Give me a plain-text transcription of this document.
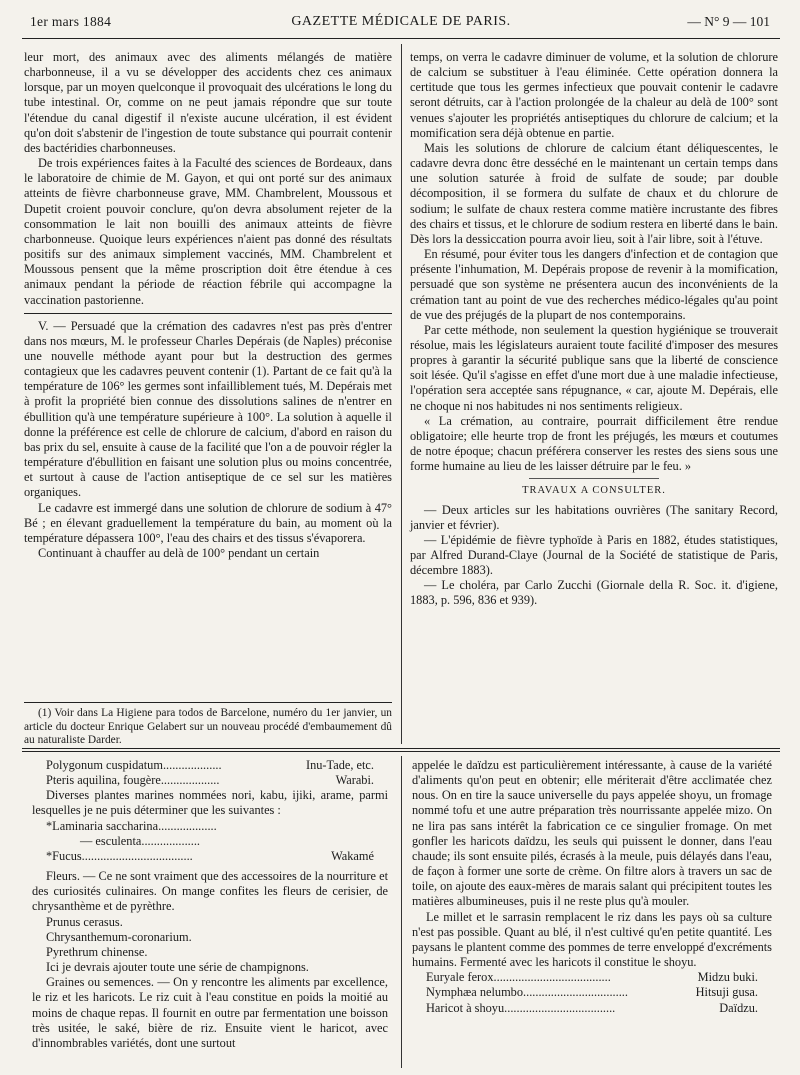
1er mars 1884	GAZETTE MÉDICALE DE PARIS.	— N° 9 — 101

leur mort, des animaux avec des aliments mélangés de matière charbonneuse, il a vu se développer des accidents chez ces animaux lorsque, par un moyen quelconque il provoquait des ulcérations le long du tube intestinal. Or, comme on ne peut jamais répondre que sur toute l'étendue du canal digestif il n'existe aucune ulcération, il est évident qu'on doit s'abstenir de l'ingestion de toute substance qui pourrait contenir des bactéridies charbonneuses.

De trois expériences faites à la Faculté des sciences de Bordeaux, dans le laboratoire de chimie de M. Gayon, et qui ont porté sur des animaux atteints de fièvre charbonneuse grave, MM. Chambrelent, Moussous et Dupetit croient pouvoir conclure, qu'on devra absolument rejeter de la consommation le lait non bouilli des animaux atteints de fièvre charbonneuse. Quoique leurs expériences n'aient pas donné des résultats positifs sur des animaux simplement vaccinés, MM. Chambrelent et Moussous pensent que la même proscription doit être étendue à ces animaux pendant la période de réaction fébrile qui accompagne la vaccination pastorienne.

V. — Persuadé que la crémation des cadavres n'est pas près d'entrer dans nos mœurs, M. le professeur Charles Depérais (de Naples) préconise une nouvelle méthode ayant pour but la destruction des germes contagieux que les cadavres peuvent contenir (1). Partant de ce fait qu'à la température de 106° les germes sont infailliblement tués, M. Depérais met à profit la propriété bien connue des dissolutions salines de n'entrer en ébullition qu'à une température supérieure à 100°. La solution à aquelle il donne la préférence est celle de chlorure de calcium, d'abord en raison du bas prix du sel, ensuite à cause de la facilité que l'on a de pouvoir régler la température d'ébullition en faisant une solution plus ou moins concentrée, et surtout à cause de l'action antiseptique de ce sel sur les matières organiques.

Le cadavre est immergé dans une solution de chlorure de sodium à 47° Bé ; en élevant graduellement la température du bain, au moment où la température dépassera 100°, l'eau des chairs et des tissus s'évaporera.

Continuant à chauffer au delà de 100° pendant un certain

(1) Voir dans La Higiene para todos de Barcelone, numéro du 1er janvier, un article du docteur Enrique Gelabert sur un nouveau procédé d'embaumement dû au naturaliste Darder.

temps, on verra le cadavre diminuer de volume, et la solution de chlorure de calcium se substituer à l'eau éliminée. Cette opération donnera la certitude que tous les germes infectieux que pouvait contenir le cadavre seront détruits, car à l'action prolongée de la chaleur au delà de 100° sont venues s'ajouter les propriétés antiseptiques du chlorure de calcium; et la momification sera déjà obtenue en partie.

Mais les solutions de chlorure de calcium étant déliquescentes, le cadavre devra donc être desséché en le maintenant un certain temps dans une solution saturée à froid de sulfate de soude; par double décomposition, il se formera du sulfate de chaux et du chlorure de sodium; le sulfate de chaux restera comme matière incrustante des fibres des chairs et tissus, et le chlorure de sodium restera en liberté dans le bain. Dès lors la dessiccation pourra avoir lieu, soit à l'air libre, soit à l'étuve.

En résumé, pour éviter tous les dangers d'infection et de contagion que présente l'inhumation, M. Depérais propose de revenir à la momification, persuadé que son système ne présentera aucun des inconvénients de la crémation tant au point de vue des recherches médico-légales qu'au point de vue des préjugés de la plupart de nos contemporains.

Par cette méthode, non seulement la question hygiénique se trouverait résolue, mais les législateurs auraient toute facilité d'imposer des mesures propres à garantir la sécurité publique sans que la liberté de conscience soit lésée. Qu'il s'agisse en effet d'une mort due à une maladie infectieuse, l'opération sera acceptée sans répugnance, « car, ajoute M. Depérais, elle ne choque ni nos habitudes ni nos sentiments religieux.

« La crémation, au contraire, pourrait difficilement être rendue obligatoire; elle heurte trop de front les préjugés, les mœurs et coutumes de notre époque; chacun préférera conserver les restes des siens sous une forme humaine au lieu de les laisser détruire par le feu. »

TRAVAUX A CONSULTER.

— Deux articles sur les habitations ouvrières (The sanitary Record, janvier et février).

— L'épidémie de fièvre typhoïde à Paris en 1882, études statistiques, par Alfred Durand-Claye (Journal de la Société de statistique de Paris, décembre 1883).

— Le choléra, par Carlo Zucchi (Giornale della R. Soc. it. d'igiene, 1883, p. 596, 836 et 939).

Polygonum cuspidatum ...................	Inu-Tade, etc.
Pteris aquilina, fougère ...................	Warabi.

Diverses plantes marines nommées nori, kabu, ijiki, arame, parmi lesquelles je ne puis déterminer que les suivantes :

*Laminaria saccharina ...................
— esculenta ...................
*Fucus ....................................	Wakamé

Fleurs. — Ce ne sont vraiment que des accessoires de la nourriture et des curiosités culinaires. On mange confites les fleurs de cerisier, de chrysanthème et de pyrèthre.

Prunus cerasus.
Chrysanthemum-coronarium.
Pyrethrum chinense.

Ici je devrais ajouter toute une série de champignons.

Graines ou semences. — On y rencontre les aliments par excellence, le riz et les haricots. Le riz cuit à l'eau constitue en poids la moitié au moins de chaque repas. Il fournit en outre par fermentation une boisson très usitée, le saké, bière de riz. Ensuite vient le haricot, avec d'innombrables variétés, dont une surtout

appelée le daïdzu est particulièrement intéressante, à cause de la variété d'aliments qu'on peut en obtenir; elle mériterait d'être acclimatée chez nous. On en tire la sauce universelle du pays appelée shoyu, un fromage nommé tofu et une autre préparation très nourrissante appelée mizo. On ne lira pas sans intérêt la fabrication ce ce singulier fromage. On met gonfler les haricots daïdzu, les seuls qui puissent le donner, dans l'eau chaude; ils sont ensuite pilés, écrasés à la meule, puis délayés dans l'eau, de façon à former une sorte de crème. On filtre alors à travers un sac de toile, on ajoute des eaux-mères de marais salant qui précipitent toutes les matières albumineuses, puis il ne reste plus qu'à mouler.

Le millet et le sarrasin remplacent le riz dans les pays où sa culture n'est pas possible. Quant au blé, il n'est cultivé qu'en petite quantité. Les paysans le plantent comme des pommes de terre enveloppé d'excréments humains. Fermenté avec les haricots il constitue le shoyu.

Euryale ferox ......................................	Midzu buki.
Nymphæa nelumbo ..................................	Hitsuji gusa.
Haricot à shoyu ....................................	Daïdzu.
